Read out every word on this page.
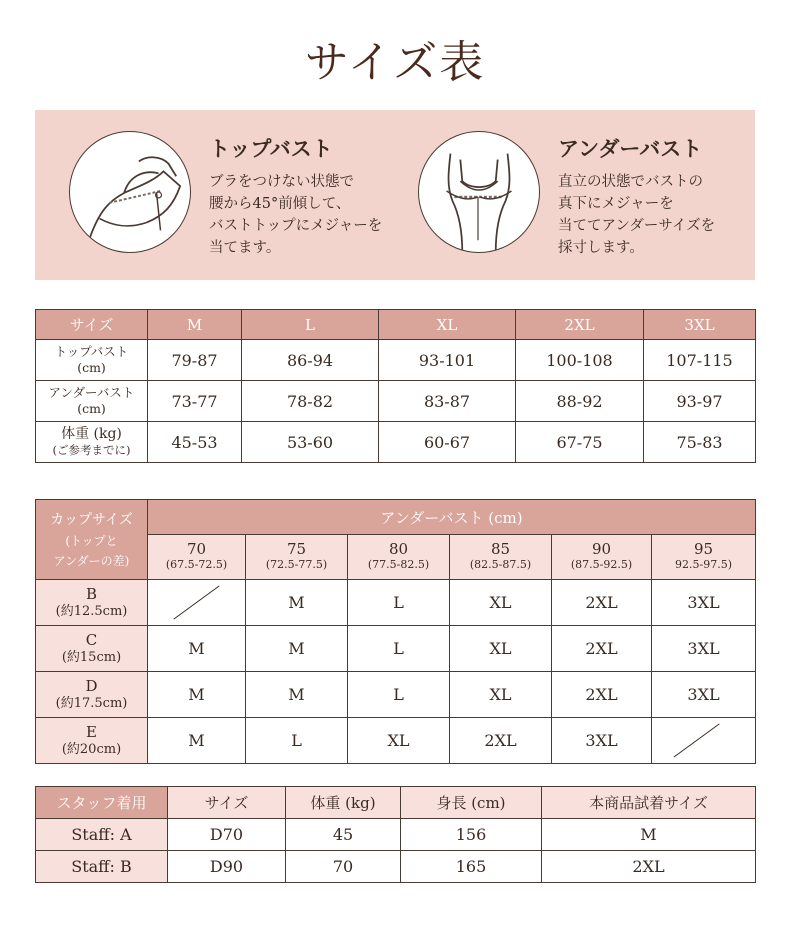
サイズ表
トップバスト
ブラをつけない状態で
腰から45°前傾して、
バストトップにメジャーを
当てます。
アンダーバスト
直立の状態でバストの
真下にメジャーを
当ててアンダーサイズを
採寸します。
サイズ	M	L	XL	2XL	3XL
トップバスト
(cm)	79-87	86-94	93-101	100-108	107-115
アンダーバスト
(cm)	73-77	78-82	83-87	88-92	93-97
体重 (kg)
(ご参考までに)	45-53	53-60	60-67	67-75	75-83
カップサイズ
(トップと
アンダーの差)	アンダーバスト (cm)					
	70
(67.5-72.5)	75
(72.5-77.5)	80
(77.5-82.5)	85
(82.5-87.5)	90
(87.5-92.5)	95
92.5-97.5)

B
(約12.5cm)		M	L	XL	2XL	3XL
C
(約15cm)	M	M	L	XL	2XL	3XL
D
(約17.5cm)	M	M	L	XL	2XL	3XL
E
(約20cm)	M	L	XL	2XL	3XL	
スタッフ着用	サイズ	体重 (kg)	身長 (cm)	本商品試着サイズ
Staff: A	D70	45	156	M
Staff: B	D90	70	165	2XL
